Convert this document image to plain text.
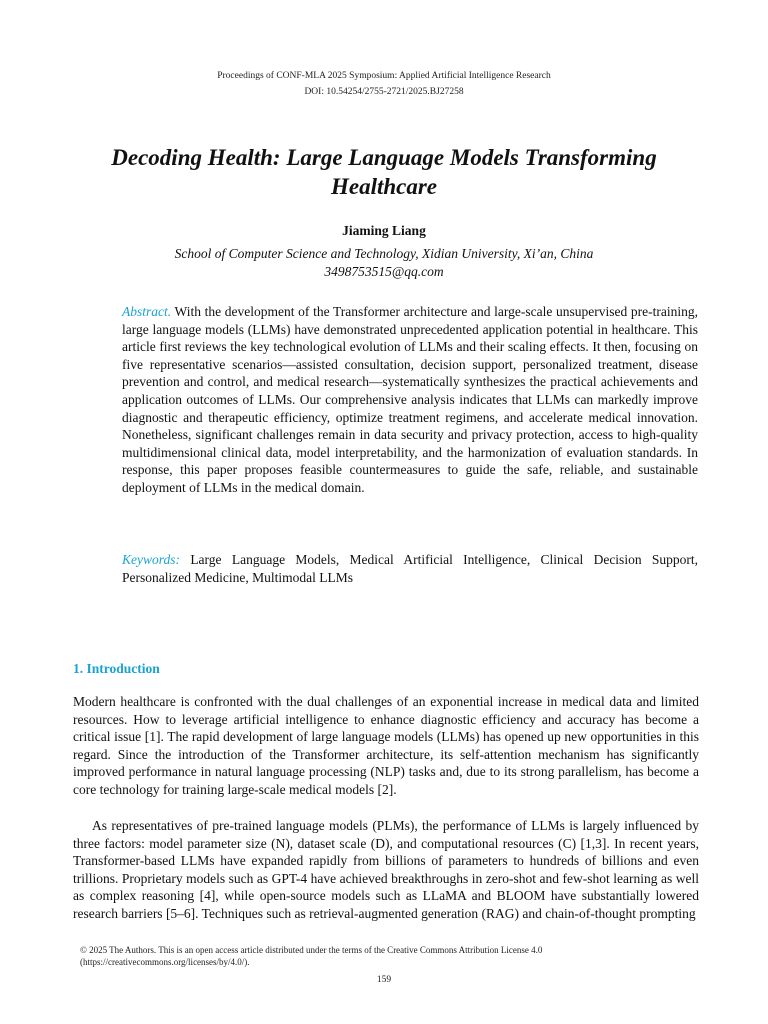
Proceedings of CONF-MLA 2025 Symposium: Applied Artificial Intelligence Research
DOI: 10.54254/2755-2721/2025.BJ27258
Decoding Health: Large Language Models Transforming Healthcare
Jiaming Liang
School of Computer Science and Technology, Xidian University, Xi’an, China
3498753515@qq.com
Abstract. With the development of the Transformer architecture and large-scale unsupervised pre-training, large language models (LLMs) have demonstrated unprecedented application potential in healthcare. This article first reviews the key technological evolution of LLMs and their scaling effects. It then, focusing on five representative scenarios—assisted consultation, decision support, personalized treatment, disease prevention and control, and medical research—systematically synthesizes the practical achievements and application outcomes of LLMs. Our comprehensive analysis indicates that LLMs can markedly improve diagnostic and therapeutic efficiency, optimize treatment regimens, and accelerate medical innovation. Nonetheless, significant challenges remain in data security and privacy protection, access to high-quality multidimensional clinical data, model interpretability, and the harmonization of evaluation standards. In response, this paper proposes feasible countermeasures to guide the safe, reliable, and sustainable deployment of LLMs in the medical domain.
Keywords: Large Language Models, Medical Artificial Intelligence, Clinical Decision Support, Personalized Medicine, Multimodal LLMs
1. Introduction
Modern healthcare is confronted with the dual challenges of an exponential increase in medical data and limited resources. How to leverage artificial intelligence to enhance diagnostic efficiency and accuracy has become a critical issue [1]. The rapid development of large language models (LLMs) has opened up new opportunities in this regard. Since the introduction of the Transformer architecture, its self-attention mechanism has significantly improved performance in natural language processing (NLP) tasks and, due to its strong parallelism, has become a core technology for training large-scale medical models [2].
As representatives of pre-trained language models (PLMs), the performance of LLMs is largely influenced by three factors: model parameter size (N), dataset scale (D), and computational resources (C) [1,3]. In recent years, Transformer-based LLMs have expanded rapidly from billions of parameters to hundreds of billions and even trillions. Proprietary models such as GPT-4 have achieved breakthroughs in zero-shot and few-shot learning as well as complex reasoning [4], while open-source models such as LLaMA and BLOOM have substantially lowered research barriers [5–6]. Techniques such as retrieval-augmented generation (RAG) and chain-of-thought prompting
© 2025 The Authors. This is an open access article distributed under the terms of the Creative Commons Attribution License 4.0 (https://creativecommons.org/licenses/by/4.0/).
159
